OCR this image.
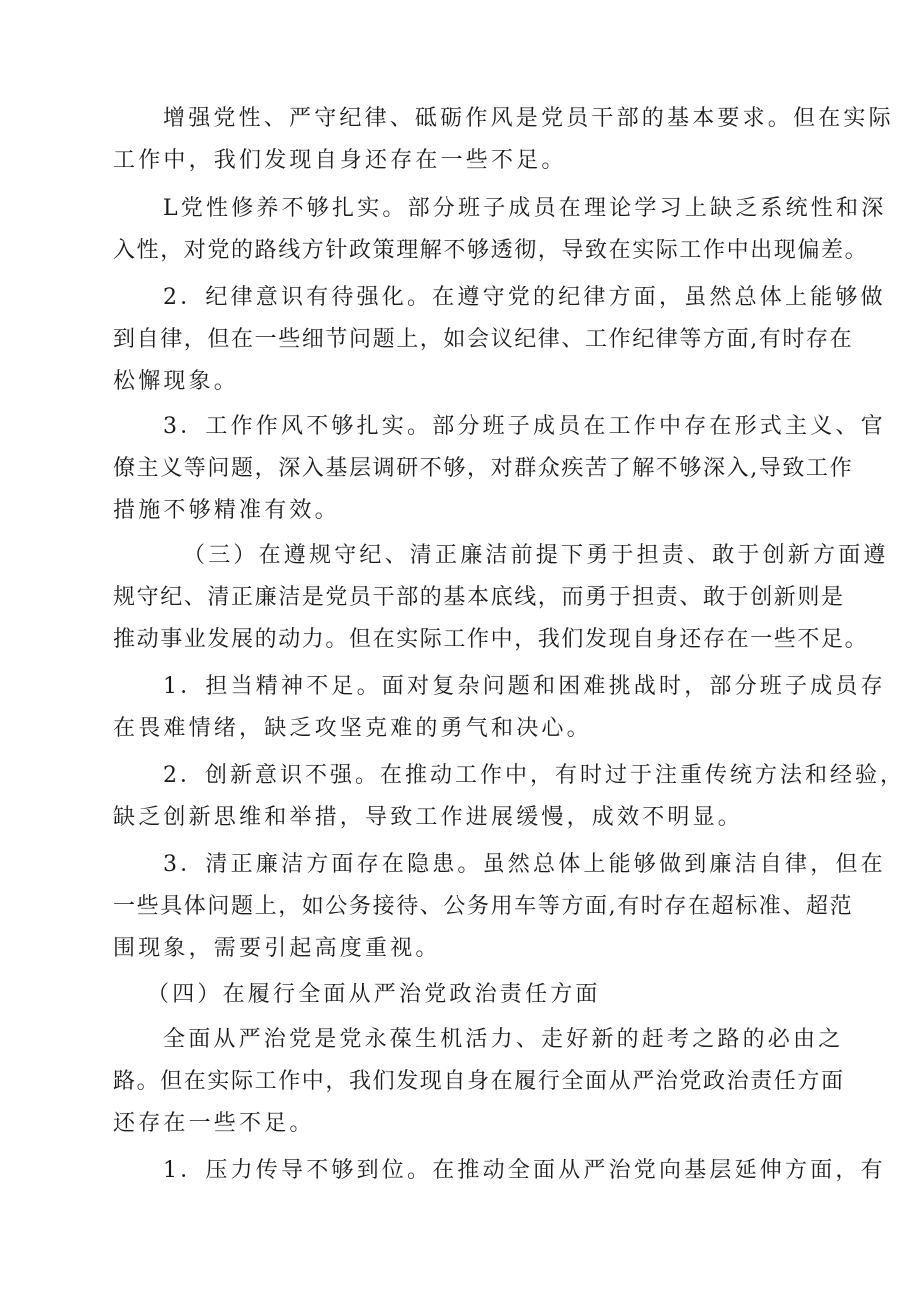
增强党性、严守纪律、砥砺作风是党员干部的基本要求。但在实际
工作中，我们发现自身还存在一些不足。
L党性修养不够扎实。部分班子成员在理论学习上缺乏系统性和深
入性，对党的路线方针政策理解不够透彻，导致在实际工作中出现偏差。
2．纪律意识有待强化。在遵守党的纪律方面，虽然总体上能够做
到自律，但在一些细节问题上，如会议纪律、工作纪律等方面,有时存在
松懈现象。
3．工作作风不够扎实。部分班子成员在工作中存在形式主义、官
僚主义等问题，深入基层调研不够，对群众疾苦了解不够深入,导致工作
措施不够精准有效。
（三）在遵规守纪、清正廉洁前提下勇于担责、敢于创新方面遵
规守纪、清正廉洁是党员干部的基本底线，而勇于担责、敢于创新则是
推动事业发展的动力。但在实际工作中，我们发现自身还存在一些不足。
1．担当精神不足。面对复杂问题和困难挑战时，部分班子成员存
在畏难情绪，缺乏攻坚克难的勇气和决心。
2．创新意识不强。在推动工作中，有时过于注重传统方法和经验，
缺乏创新思维和举措，导致工作进展缓慢，成效不明显。
3．清正廉洁方面存在隐患。虽然总体上能够做到廉洁自律，但在
一些具体问题上，如公务接待、公务用车等方面,有时存在超标准、超范
围现象，需要引起高度重视。
（四）在履行全面从严治党政治责任方面
全面从严治党是党永葆生机活力、走好新的赶考之路的必由之
路。但在实际工作中，我们发现自身在履行全面从严治党政治责任方面
还存在一些不足。
1．压力传导不够到位。在推动全面从严治党向基层延伸方面，有
